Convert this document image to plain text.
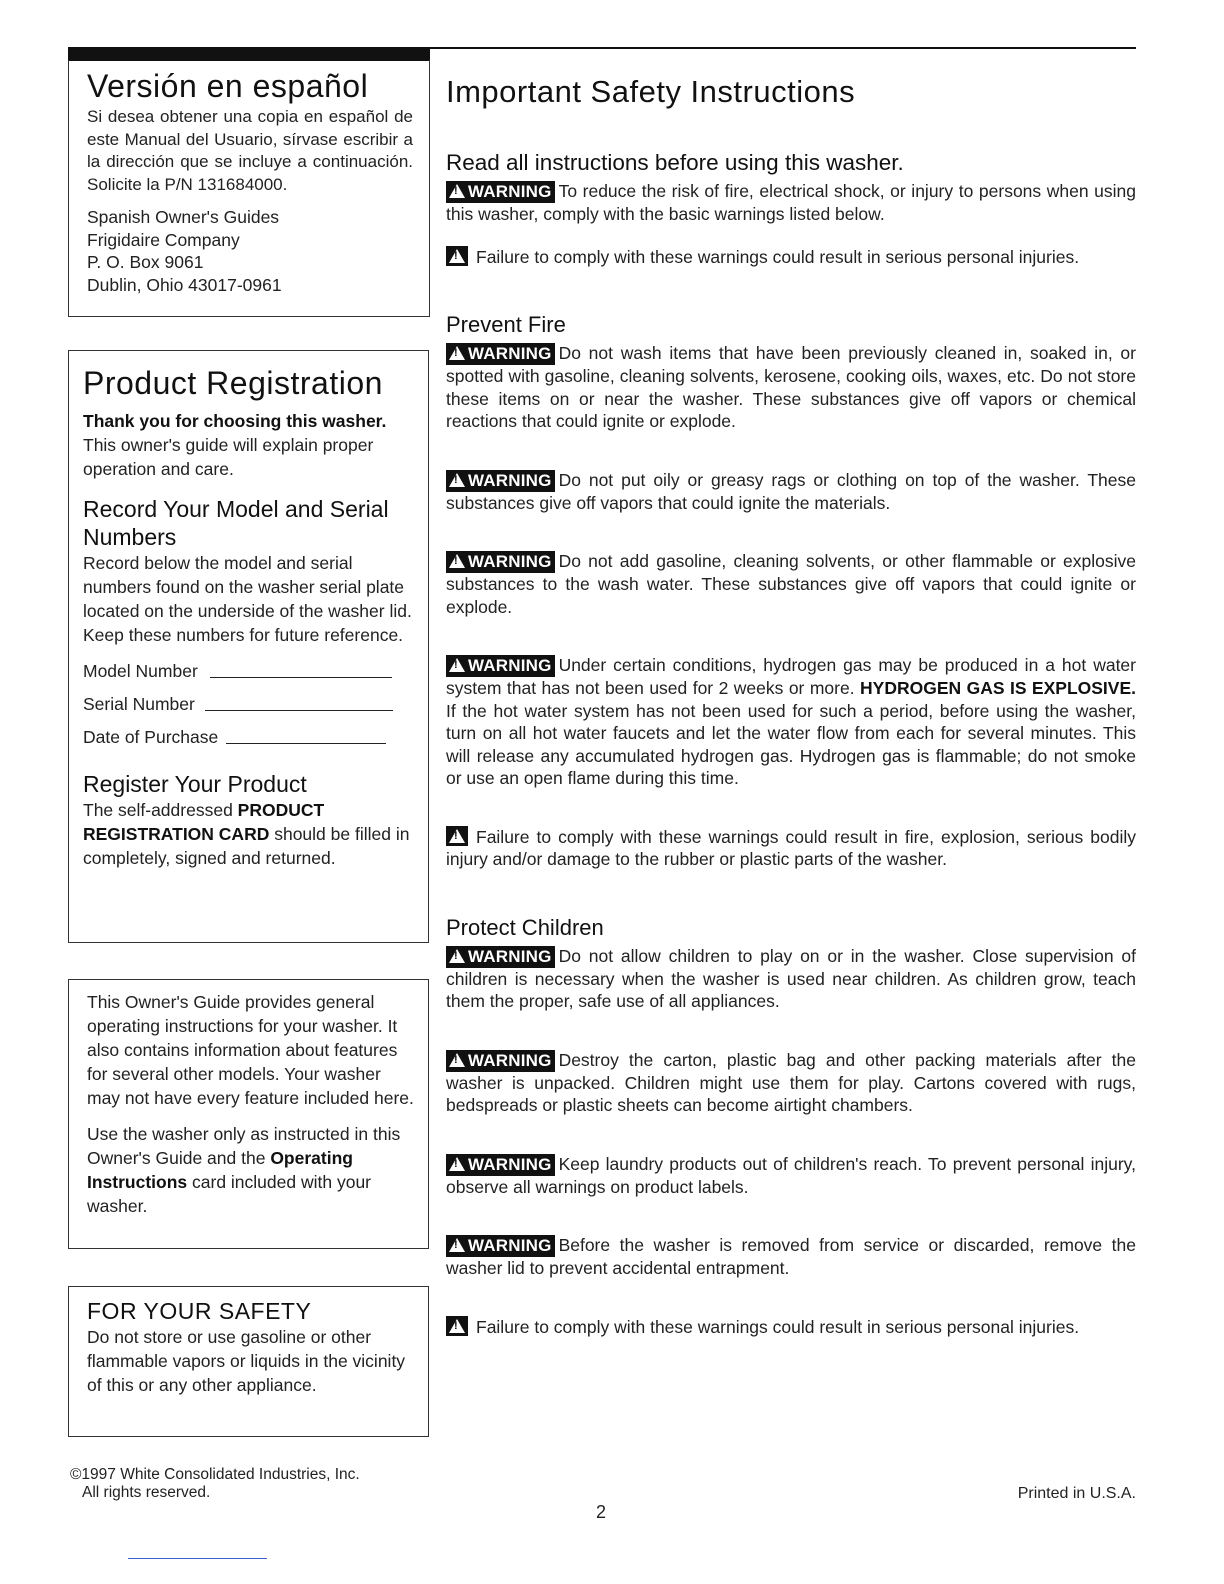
Versión en español

Si desea obtener una copia en español de este Manual del Usuario, sírvase escribir a la dirección que se incluye a continuación. Solicite la P/N 131684000.

Spanish Owner's Guides
Frigidaire Company
P. O. Box 9061
Dublin, Ohio 43017-0961
Product Registration

Thank you for choosing this washer. This owner's guide will explain proper operation and care.

Record Your Model and Serial Numbers

Record below the model and serial numbers found on the washer serial plate located on the underside of the washer lid. Keep these numbers for future reference.

Model Number
Serial Number
Date of Purchase
Register Your Product

The self-addressed PRODUCT REGISTRATION CARD should be filled in completely, signed and returned.

This Owner's Guide provides general operating instructions for your washer. It also contains information about features for several other models. Your washer may not have every feature included here.

Use the washer only as instructed in this Owner's Guide and the Operating Instructions card included with your washer.

FOR YOUR SAFETY

Do not store or use gasoline or other flammable vapors or liquids in the vicinity of this or any other appliance.

Important Safety Instructions
Read all instructions before using this washer.

!WARNING To reduce the risk of fire, electrical shock, or injury to persons when using this washer, comply with the basic warnings listed below.

!
Failure to comply with these warnings could result in serious personal injuries.

Prevent Fire

!WARNING Do not wash items that have been previously cleaned in, soaked in, or spotted with gasoline, cleaning solvents, kerosene, cooking oils, waxes, etc. Do not store these items on or near the washer. These substances give off vapors or chemical reactions that could ignite or explode.

!WARNING Do not put oily or greasy rags or clothing on top of the washer. These substances give off vapors that could ignite the materials.

!WARNING Do not add gasoline, cleaning solvents, or other flammable or explosive substances to the wash water. These substances give off vapors that could ignite or explode.

!WARNING Under certain conditions, hydrogen gas may be produced in a hot water system that has not been used for 2 weeks or more. HYDROGEN GAS IS EXPLOSIVE. If the hot water system has not been used for such a period, before using the washer, turn on all hot water faucets and let the water flow from each for several minutes. This will release any accumulated hydrogen gas. Hydrogen gas is flammable; do not smoke or use an open flame during this time.

!
Failure to comply with these warnings could result in fire, explosion, serious bodily injury and/or damage to the rubber or plastic parts of the washer.

Protect Children

!WARNING Do not allow children to play on or in the washer. Close supervision of children is necessary when the washer is used near children. As children grow, teach them the proper, safe use of all appliances.

!WARNING Destroy the carton, plastic bag and other packing materials after the washer is unpacked. Children might use them for play. Cartons covered with rugs, bedspreads or plastic sheets can become airtight chambers.

!WARNING Keep laundry products out of children's reach. To prevent personal injury, observe all warnings on product labels.

!WARNING Before the washer is removed from service or discarded, remove the washer lid to prevent accidental entrapment.

!
Failure to comply with these warnings could result in serious personal injuries.

©1997 White Consolidated Industries, Inc.
All rights reserved.
2
Printed in U.S.A.
